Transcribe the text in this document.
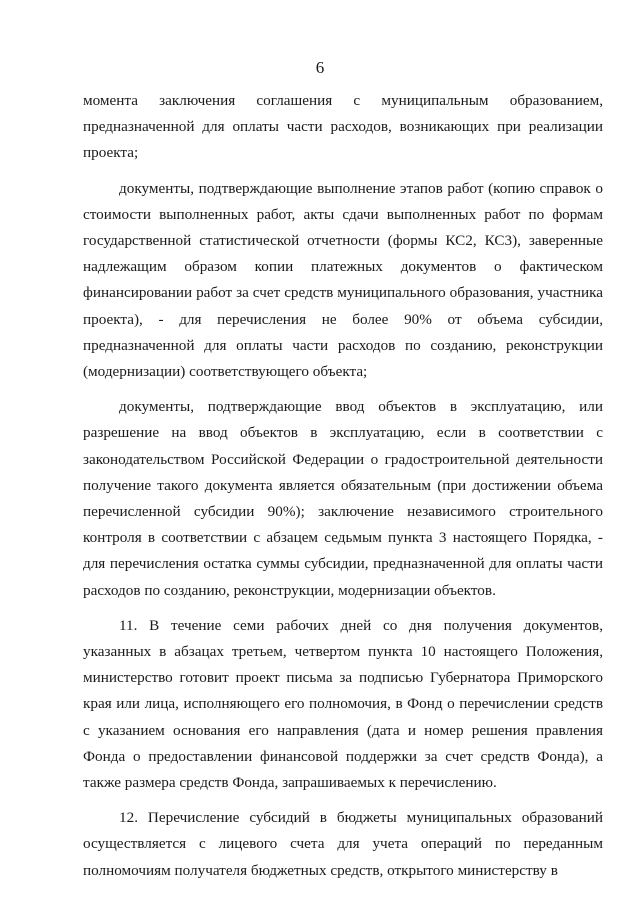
6

момента заключения соглашения с муниципальным образованием, предназначенной для оплаты части расходов, возникающих при реализации проекта;

документы, подтверждающие выполнение этапов работ (копию справок о стоимости выполненных работ, акты сдачи выполненных работ по формам государственной статистической отчетности (формы КС2, КС3), заверенные надлежащим образом копии платежных документов о фактическом финансировании работ за счет средств муниципального образования, участника проекта), - для перечисления не более 90% от объема субсидии, предназначенной для оплаты части расходов по созданию, реконструкции (модернизации) соответствующего объекта;

документы, подтверждающие ввод объектов в эксплуатацию, или разрешение на ввод объектов в эксплуатацию, если в соответствии с законодательством Российской Федерации о градостроительной деятельности получение такого документа является обязательным (при достижении объема перечисленной субсидии 90%); заключение независимого строительного контроля в соответствии с абзацем седьмым пункта 3 настоящего Порядка, - для перечисления остатка суммы субсидии, предназначенной для оплаты части расходов по созданию, реконструкции, модернизации объектов.

11. В течение семи рабочих дней со дня получения документов, указанных в абзацах третьем, четвертом пункта 10 настоящего Положения, министерство готовит проект письма за подписью Губернатора Приморского края или лица, исполняющего его полномочия, в Фонд о перечислении средств с указанием основания его направления (дата и номер решения правления Фонда о предоставлении финансовой поддержки за счет средств Фонда), а также размера средств Фонда, запрашиваемых к перечислению.

12. Перечисление субсидий в бюджеты муниципальных образований осуществляется с лицевого счета для учета операций по переданным полномочиям получателя бюджетных средств, открытого министерству в
